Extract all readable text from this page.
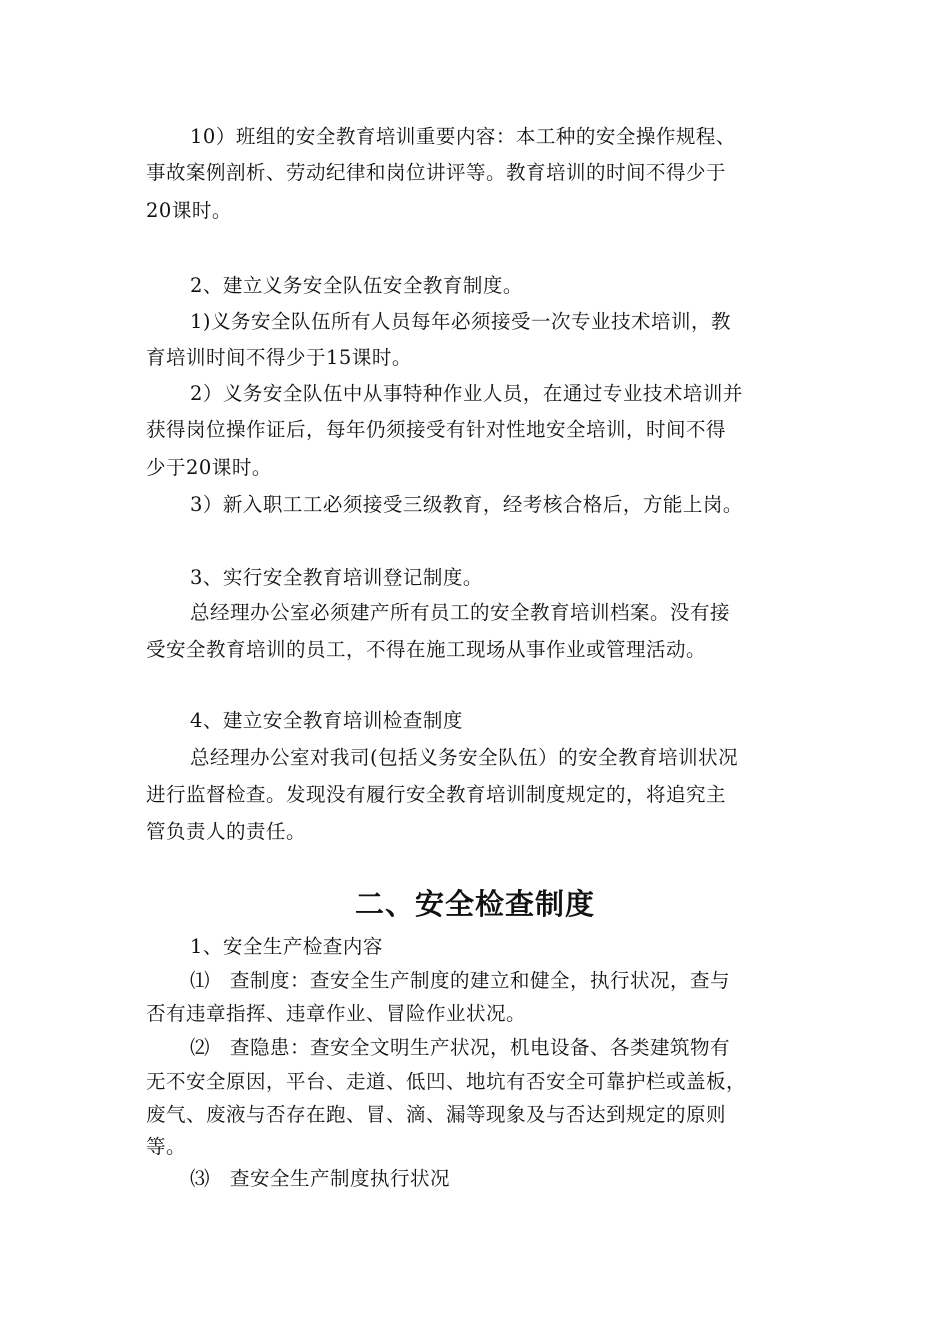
10）班组的安全教育培训重要内容：本工种的安全操作规程、
事故案例剖析、劳动纪律和岗位讲评等。教育培训的时间不得少于
20课时。
2、建立义务安全队伍安全教育制度。
1)义务安全队伍所有人员每年必须接受一次专业技术培训，教
育培训时间不得少于15课时。
2）义务安全队伍中从事特种作业人员，在通过专业技术培训并
获得岗位操作证后，每年仍须接受有针对性地安全培训，时间不得
少于20课时。
3）新入职工工必须接受三级教育，经考核合格后，方能上岗。
3、实行安全教育培训登记制度。
总经理办公室必须建产所有员工的安全教育培训档案。没有接
受安全教育培训的员工，不得在施工现场从事作业或管理活动。
4、建立安全教育培训检查制度
总经理办公室对我司(包括义务安全队伍）的安全教育培训状况
进行监督检查。发现没有履行安全教育培训制度规定的，将追究主
管负责人的责任。
二、安全检查制度
1、安全生产检查内容
⑴　查制度：查安全生产制度的建立和健全，执行状况，查与
否有违章指挥、违章作业、冒险作业状况。
⑵　查隐患：查安全文明生产状况，机电设备、各类建筑物有
无不安全原因，平台、走道、低凹、地坑有否安全可靠护栏或盖板，
废气、废液与否存在跑、冒、滴、漏等现象及与否达到规定的原则
等。
⑶　查安全生产制度执行状况
